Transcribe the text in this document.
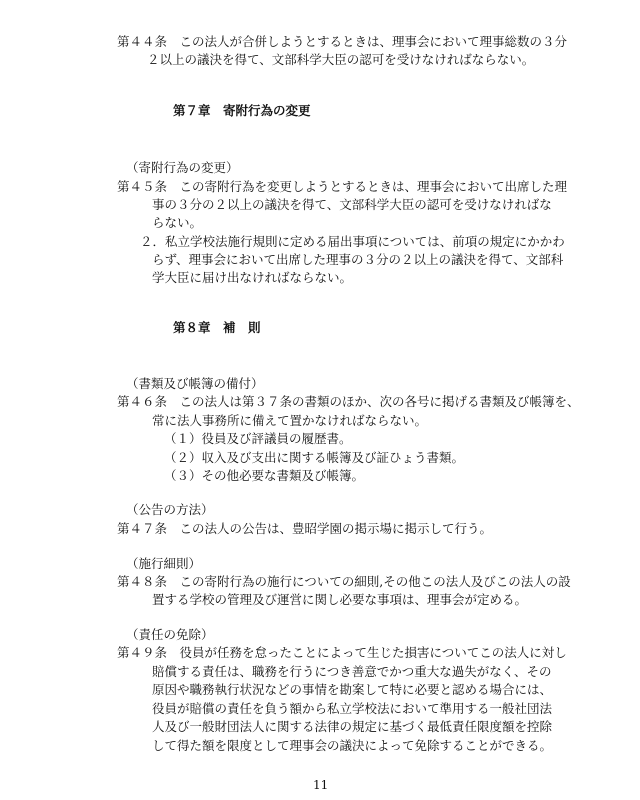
第４４条　この法人が合併しようとするときは、理事会において理事総数の３分
２以上の議決を得て、文部科学大臣の認可を受けなければならない。
第７章　寄附行為の変更
（寄附行為の変更）
第４５条　この寄附行為を変更しようとするときは、理事会において出席した理
事の３分の２以上の議決を得て、文部科学大臣の認可を受けなければな
らない。
２．私立学校法施行規則に定める届出事項については、前項の規定にかかわ
らず、理事会において出席した理事の３分の２以上の議決を得て、文部科
学大臣に届け出なければならない。
第８章　補　則
（書類及び帳簿の備付）
第４６条　この法人は第３７条の書類のほか、次の各号に掲げる書類及び帳簿を、
常に法人事務所に備えて置かなければならない。
（１）役員及び評議員の履歴書。
（２）収入及び支出に関する帳簿及び証ひょう書類。
（３）その他必要な書類及び帳簿。
（公告の方法）
第４７条　この法人の公告は、豊昭学園の掲示場に掲示して行う。
（施行細則）
第４８条　この寄附行為の施行についての細則,その他この法人及びこの法人の設
置する学校の管理及び運営に関し必要な事項は、理事会が定める。
（責任の免除）
第４９条　役員が任務を怠ったことによって生じた損害についてこの法人に対し
賠償する責任は、職務を行うにつき善意でかつ重大な過失がなく、その
原因や職務執行状況などの事情を勘案して特に必要と認める場合には、
役員が賠償の責任を負う額から私立学校法において準用する一般社団法
人及び一般財団法人に関する法律の規定に基づく最低責任限度額を控除
して得た額を限度として理事会の議決によって免除することができる。
11
